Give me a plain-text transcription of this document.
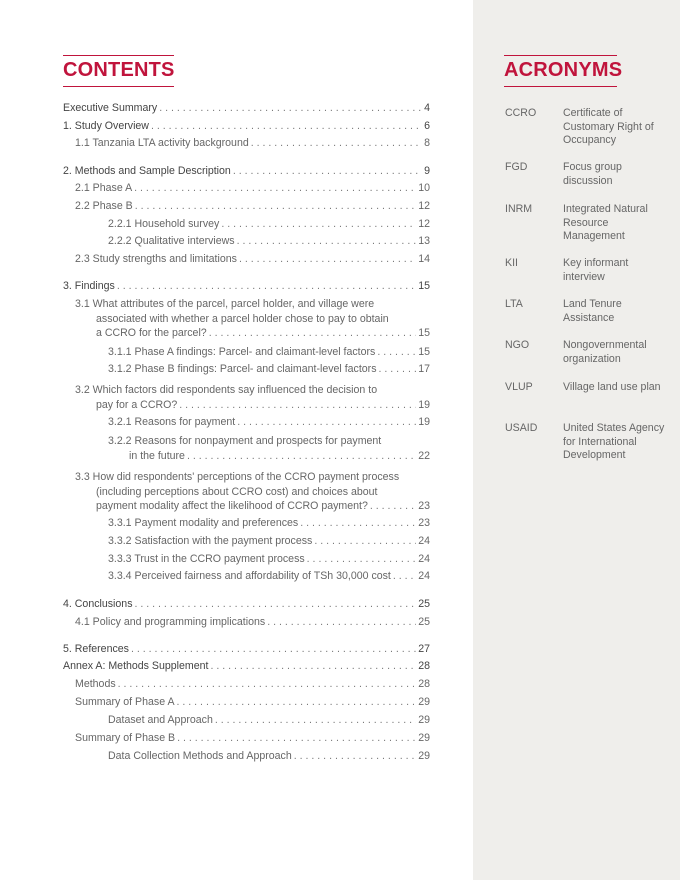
CONTENTS
Executive Summary . . .	4
1. Study Overview . . .	6
1.1 Tanzania LTA activity background . . .	8
2. Methods and Sample Description . . .	9
2.1 Phase A . . .	10
2.2 Phase B . . .	12
2.2.1 Household survey . . .	12
2.2.2 Qualitative interviews . . .	13
2.3 Study strengths and limitations . . .	14
3. Findings . . .	15
3.1 What attributes of the parcel, parcel holder, and village were
associated with whether a parcel holder chose to pay to obtain
a CCRO for the parcel? . . .	15
3.1.1 Phase A findings: Parcel- and claimant-level factors . . .	15
3.1.2 Phase B findings: Parcel- and claimant-level factors . . .	17
3.2 Which factors did respondents say influenced the decision to
pay for a CCRO? . . .	19
3.2.1 Reasons for payment . . .	19
3.2.2 Reasons for nonpayment and prospects for payment
in the future . . .	22
3.3 How did respondents' perceptions of the CCRO payment process
(including perceptions about CCRO cost) and choices about
payment modality affect the likelihood of CCRO payment? . . .	23
3.3.1 Payment modality and preferences . . .	23
3.3.2 Satisfaction with the payment process . . .	24
3.3.3 Trust in the CCRO payment process . . .	24
3.3.4 Perceived fairness and affordability of TSh 30,000 cost . . .	24
4. Conclusions . . .	25
4.1 Policy and programming implications . . .	25
5. References . . .	27
Annex A: Methods Supplement . . .	28
Methods . . .	28
Summary of Phase A . . .	29
Dataset and Approach . . .	29
Summary of Phase B . . .	29
Data Collection Methods and Approach . . .	29
ACRONYMS
CCRO	Certificate of Customary Right of Occupancy
FGD	Focus group discussion
INRM	Integrated Natural Resource Management
KII	Key informant interview
LTA	Land Tenure Assistance
NGO	Nongovernmental organization
VLUP	Village land use plan
USAID	United States Agency for International Development
